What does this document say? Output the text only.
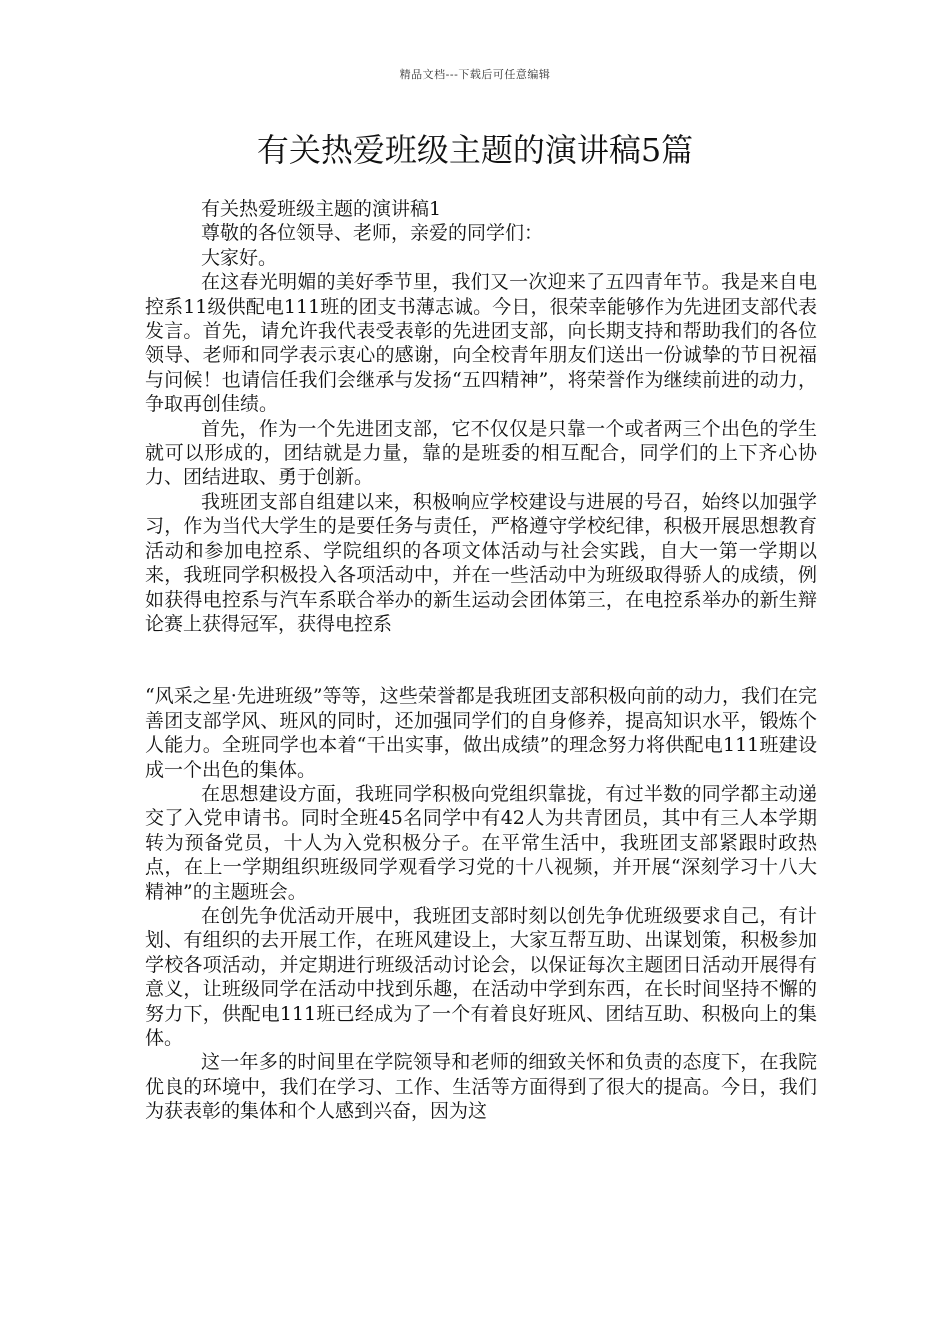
精品文档---下载后可任意编辑
有关热爱班级主题的演讲稿5篇

有关热爱班级主题的演讲稿1

尊敬的各位领导、老师，亲爱的同学们：

大家好。

在这春光明媚的美好季节里，我们又一次迎来了五四青年节。我是来自电控系11级供配电111班的团支书薄志诚。今日，很荣幸能够作为先进团支部代表发言。首先，请允许我代表受表彰的先进团支部，向长期支持和帮助我们的各位领导、老师和同学表示衷心的感谢，向全校青年朋友们送出一份诚挚的节日祝福与问候！也请信任我们会继承与发扬“五四精神”，将荣誉作为继续前进的动力，争取再创佳绩。

首先，作为一个先进团支部，它不仅仅是只靠一个或者两三个出色的学生就可以形成的，团结就是力量，靠的是班委的相互配合，同学们的上下齐心协力、团结进取、勇于创新。

我班团支部自组建以来，积极响应学校建设与进展的号召，始终以加强学习，作为当代大学生的是要任务与责任，严格遵守学校纪律，积极开展思想教育活动和参加电控系、学院组织的各项文体活动与社会实践，自大一第一学期以来，我班同学积极投入各项活动中，并在一些活动中为班级取得骄人的成绩，例如获得电控系与汽车系联合举办的新生运动会团体第三，在电控系举办的新生辩论赛上获得冠军，获得电控系

“风采之星·先进班级”等等，这些荣誉都是我班团支部积极向前的动力，我们在完善团支部学风、班风的同时，还加强同学们的自身修养，提高知识水平，锻炼个人能力。全班同学也本着“干出实事，做出成绩”的理念努力将供配电111班建设成一个出色的集体。

在思想建设方面，我班同学积极向党组织靠拢，有过半数的同学都主动递交了入党申请书。同时全班45名同学中有42人为共青团员，其中有三人本学期转为预备党员，十人为入党积极分子。在平常生活中，我班团支部紧跟时政热点，在上一学期组织班级同学观看学习党的十八视频，并开展“深刻学习十八大精神”的主题班会。

在创先争优活动开展中，我班团支部时刻以创先争优班级要求自己，有计划、有组织的去开展工作，在班风建设上，大家互帮互助、出谋划策，积极参加学校各项活动，并定期进行班级活动讨论会，以保证每次主题团日活动开展得有意义，让班级同学在活动中找到乐趣，在活动中学到东西，在长时间坚持不懈的努力下，供配电111班已经成为了一个有着良好班风、团结互助、积极向上的集体。

这一年多的时间里在学院领导和老师的细致关怀和负责的态度下，在我院优良的环境中，我们在学习、工作、生活等方面得到了很大的提高。今日，我们为获表彰的集体和个人感到兴奋，因为这
